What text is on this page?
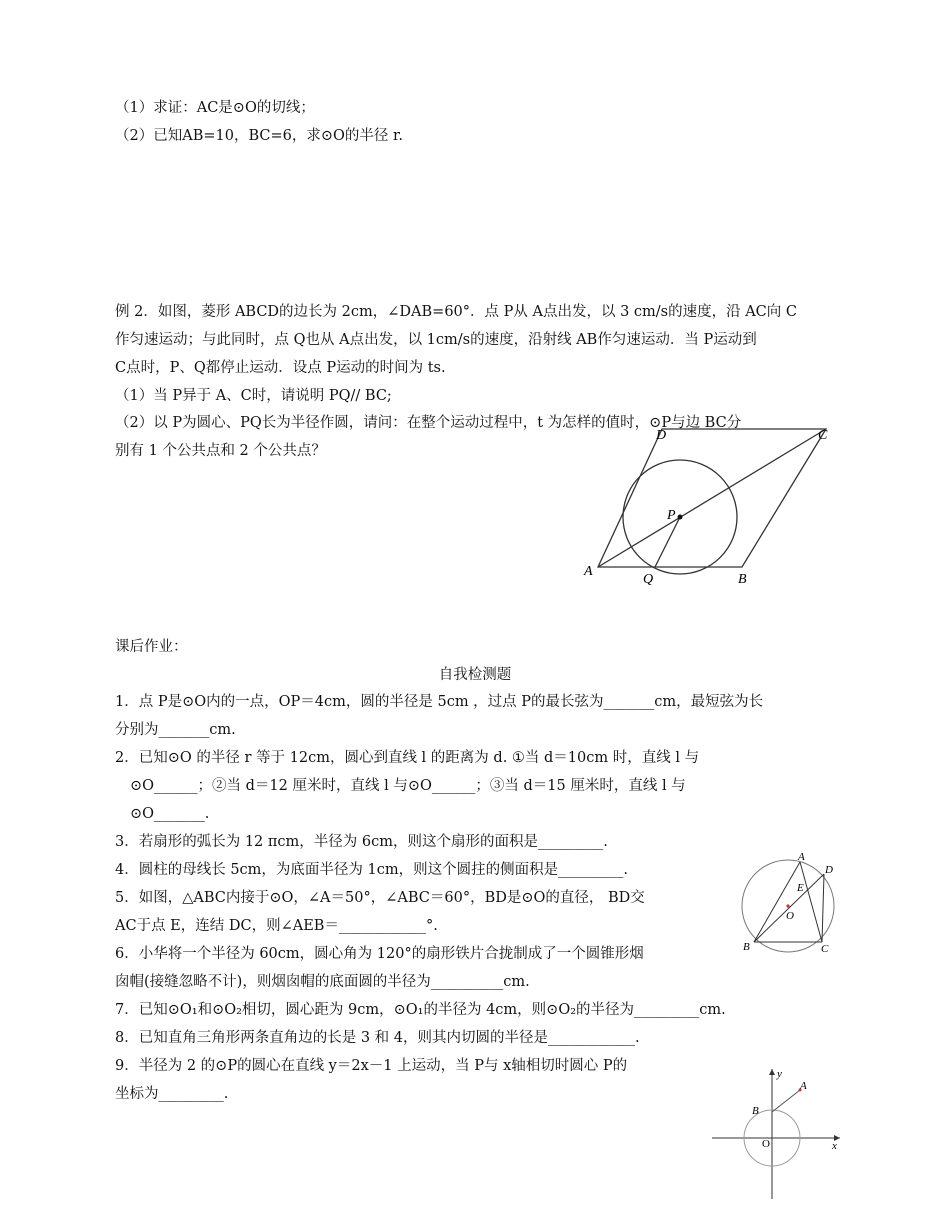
（1）求证：AC是⊙O的切线；
（2）已知AB=10，BC=6，求⊙O的半径 r.
例 2．如图，菱形 ABCD的边长为 2cm，∠DAB=60°．点 P从 A点出发，以 3 cm/s的速度，沿 AC向 C
作匀速运动；与此同时，点 Q也从 A点出发，以 1cm/s的速度，沿射线 AB作匀速运动．当 P运动到
C点时，P、Q都停止运动．设点 P运动的时间为 ts.
（1）当 P异于 A、C时，请说明 PQ// BC;
（2）以 P为圆心、PQ长为半径作圆，请问：在整个运动过程中，t 为怎样的值时，⊙P与边 BC分
别有 1 个公共点和 2 个公共点？
A
B
C
D
P
Q
课后作业：
自我检测题
1．点 P是⊙O内的一点，OP＝4cm，圆的半径是 5cm ，过点 P的最长弦为_______cm，最短弦为长
分别为_______cm.
2．已知⊙O 的半径 r 等于 12cm，圆心到直线 l 的距离为 d. ①当 d＝10cm 时，直线 l 与
⊙O______；②当 d＝12 厘米时，直线 l 与⊙O______；③当 d＝15 厘米时，直线 l 与
⊙O_______.
3．若扇形的弧长为 12 πcm，半径为 6cm，则这个扇形的面积是_________.
4．圆柱的母线长 5cm，为底面半径为 1cm，则这个圆拄的侧面积是_________.
5．如图，△ABC内接于⊙O，∠A＝50°，∠ABC＝60°，BD是⊙O的直径， BD交
AC于点 E，连结 DC，则∠AEB＝____________°.
6．小华将一个半径为 60cm，圆心角为 120°的扇形铁片合拢制成了一个圆锥形烟
囱帽(接缝忽略不计)，则烟囱帽的底面圆的半径为__________cm.
7．已知⊙O₁和⊙O₂相切，圆心距为 9cm，⊙O₁的半径为 4cm，则⊙O₂的半径为_________cm.
8．已知直角三角形两条直角边的长是 3 和 4，则其内切圆的半径是____________.
9．半径为 2 的⊙P的圆心在直线 y＝2x－1 上运动，当 P与 x轴相切时圆心 P的
坐标为_________.
A
B	C
D
E
O
y
x
A
B
O
